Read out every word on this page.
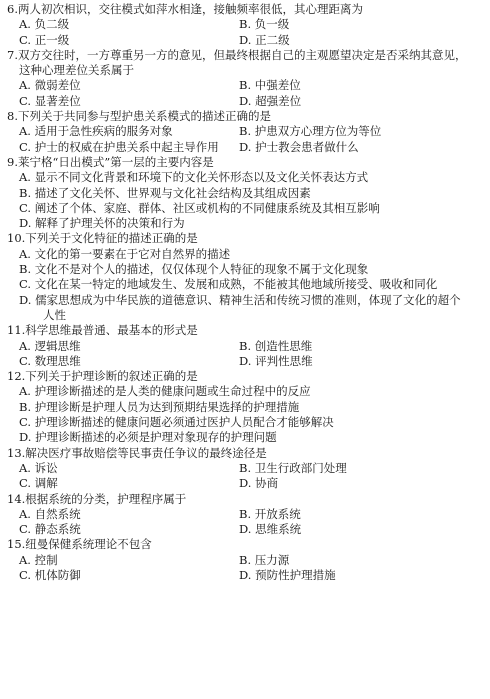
6.两人初次相识，交往模式如萍水相逢，接触频率很低，其心理距离为
A. 负二级	B. 负一级
C. 正一级	D. 正二级
7.双方交往时，一方尊重另一方的意见，但最终根据自己的主观愿望决定是否采纳其意见，
这种心理差位关系属于
A. 微弱差位	B. 中强差位
C. 显著差位	D. 超强差位
8.下列关于共同参与型护患关系模式的描述正确的是
A. 适用于急性疾病的服务对象	B. 护患双方心理方位为等位
C. 护士的权威在护患关系中起主导作用	D. 护士教会患者做什么
9.莱宁格“日出模式”第一层的主要内容是
A. 显示不同文化背景和环境下的文化关怀形态以及文化关怀表达方式
B. 描述了文化关怀、世界观与文化社会结构及其组成因素
C. 阐述了个体、家庭、群体、社区或机构的不同健康系统及其相互影响
D. 解释了护理关怀的决策和行为
10.下列关于文化特征的描述正确的是
A. 文化的第一要素在于它对自然界的描述
B. 文化不是对个人的描述，仅仅体现个人特征的现象不属于文化现象
C. 文化在某一特定的地域发生、发展和成熟，不能被其他地域所接受、吸收和同化
D. 儒家思想成为中华民族的道德意识、精神生活和传统习惯的准则，体现了文化的超个
人性
11.科学思维最普通、最基本的形式是
A. 逻辑思维	B. 创造性思维
C. 数理思维	D. 评判性思维
12.下列关于护理诊断的叙述正确的是
A. 护理诊断描述的是人类的健康问题或生命过程中的反应
B. 护理诊断是护理人员为达到预期结果选择的护理措施
C. 护理诊断描述的健康问题必须通过医护人员配合才能够解决
D. 护理诊断描述的必须是护理对象现存的护理问题
13.解决医疗事故赔偿等民事责任争议的最终途径是
A. 诉讼	B. 卫生行政部门处理
C. 调解	D. 协商
14.根据系统的分类，护理程序属于
A. 自然系统	B. 开放系统
C. 静态系统	D. 思维系统
15.纽曼保健系统理论不包含
A. 控制	B. 压力源
C. 机体防御	D. 预防性护理措施
